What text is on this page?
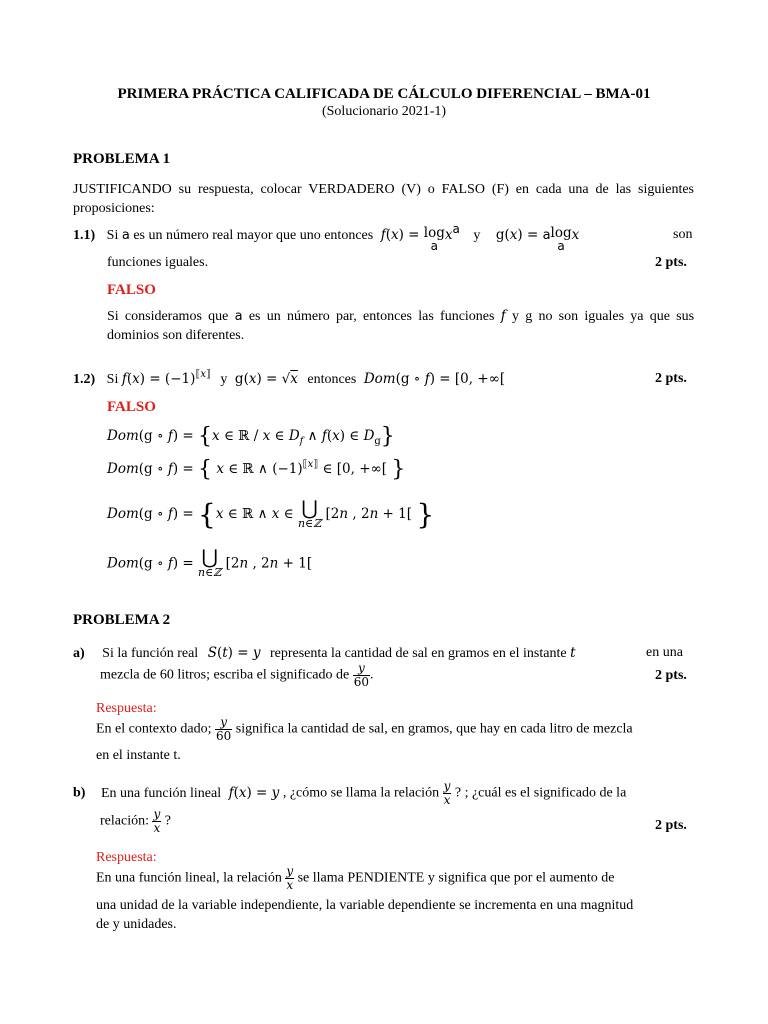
PRIMERA PRÁCTICA CALIFICADA DE CÁLCULO DIFERENCIAL – BMA-01
(Solucionario 2021-1)
PROBLEMA 1
JUSTIFICANDO su respuesta, colocar VERDADERO (V) o FALSO (F) en cada una de las siguientes proposiciones:
1.1) Si a es un número real mayor que uno entonces f(x) = log
a
xa y g(x) = alog
a
x	son
funciones iguales.	2 pts.
FALSO
Si consideramos que a es un número par, entonces las funciones f y g no son iguales ya que sus dominios son diferentes.
1.2) Si $f(x) = (-1)^{⟦x⟧}$ y g(x) = √x entonces Dom(g ∘ f) = [0, +∞[	2 pts.
FALSO
Dom(g ∘ f) = {x ∈ ℝ / x ∈ $D_f$ ∧ f(x) ∈ $D_g$}
Dom(g ∘ f) = { x ∈ ℝ ∧ $(-1)^{⟦x⟧}$ ∈ [0, +∞[ }
Dom(g ∘ f) = {x ∈ ℝ ∧ x ∈ ⋃
n∈ℤ
[2n , 2n + 1[ }
Dom(g ∘ f) = ⋃
n∈ℤ
[2n , 2n + 1[
PROBLEMA 2
a) Si la función real S(t) = y representa la cantidad de sal en gramos en el instante t	en una
mezcla de 60 litros; escriba el significado de $\frac{y}{60}$ .	2 pts.
Respuesta:
En el contexto dado; $\frac{y}{60}$ significa la cantidad de sal, en gramos, que hay en cada litro de mezcla
en el instante t.
b) En una función lineal f(x) = y , ¿cómo se llama la relación $\frac{y}{x}$ ? ; ¿cuál es el significado de la
relación: $\frac{y}{x}$ ?	2 pts.
Respuesta:
En una función lineal, la relación $\frac{y}{x}$ se llama PENDIENTE y significa que por el aumento de
una unidad de la variable independiente, la variable dependiente se incrementa en una magnitud
de y unidades.
